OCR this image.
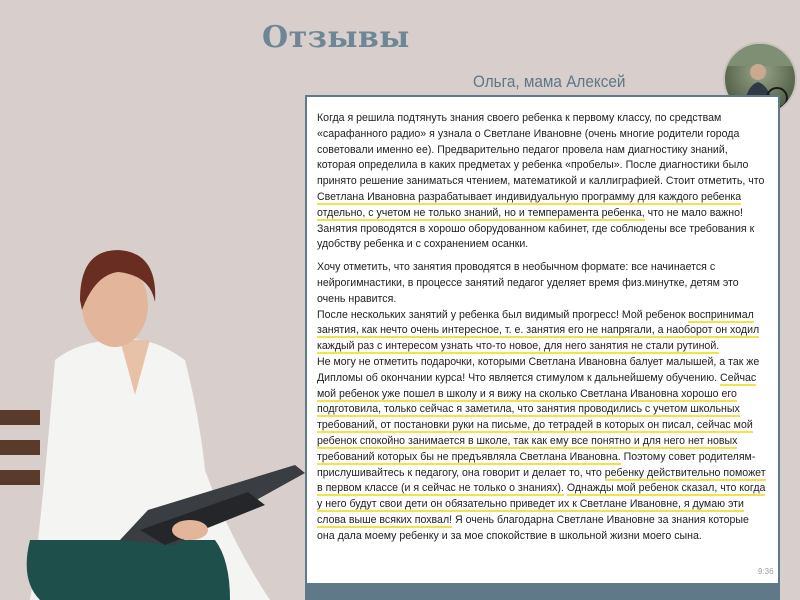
Отзывы
Ольга, мама Алексей

Когда я решила подтянуть знания своего ребенка к первому классу, по средствам «сарафанного радио» я узнала о Светлане Ивановне (очень многие родители города советовали именно ее). Предварительно педагог провела нам диагностику знаний, которая определила в каких предметах у ребенка «пробелы». После диагностики было принято решение заниматься чтением, математикой и каллиграфией. Стоит отметить, что Светлана Ивановна разрабатывает индивидуальную программу для каждого ребенка отдельно, с учетом не только знаний, но и темперамента ребенка, что не мало важно!

Занятия проводятся в хорошо оборудованном кабинет, где соблюдены все требования к удобству ребенка и с сохранением осанки.

Хочу отметить, что занятия проводятся в необычном формате: все начинается с нейрогимнастики, в процессе занятий педагог уделяет время физ.минутке, детям это очень нравится.

После нескольких занятий у ребенка был видимый прогресс! Мой ребенок воспринимал занятия, как нечто очень интересное, т. е. занятия его не напрягали, а наоборот он ходил каждый раз с интересом узнать что-то новое, для него занятия не стали рутиной.

Не могу не отметить подарочки, которыми Светлана Ивановна балует малышей, а так же Дипломы об окончании курса! Что является стимулом к дальнейшему обучению. Сейчас мой ребенок уже пошел в школу и я вижу на сколько Светлана Ивановна хорошо его подготовила, только сейчас я заметила, что занятия проводились с учетом школьных требований, от постановки руки на письме, до тетрадей в которых он писал, сейчас мой ребенок спокойно занимается в школе, так как ему все понятно и для него нет новых требований которых бы не предъявляла Светлана Ивановна. Поэтому совет родителям-прислушивайтесь к педагогу, она говорит и делает то, что ребенку действительно поможет в первом классе (и я сейчас не только о знаниях). Однажды мой ребенок сказал, что когда у него будут свои дети он обязательно приведет их к Светлане Ивановне, я думаю эти слова выше всяких похвал! Я очень благодарна Светлане Ивановне за знания которые она дала моему ребенку и за мое спокойствие в школьной жизни моего сына.

9:36
